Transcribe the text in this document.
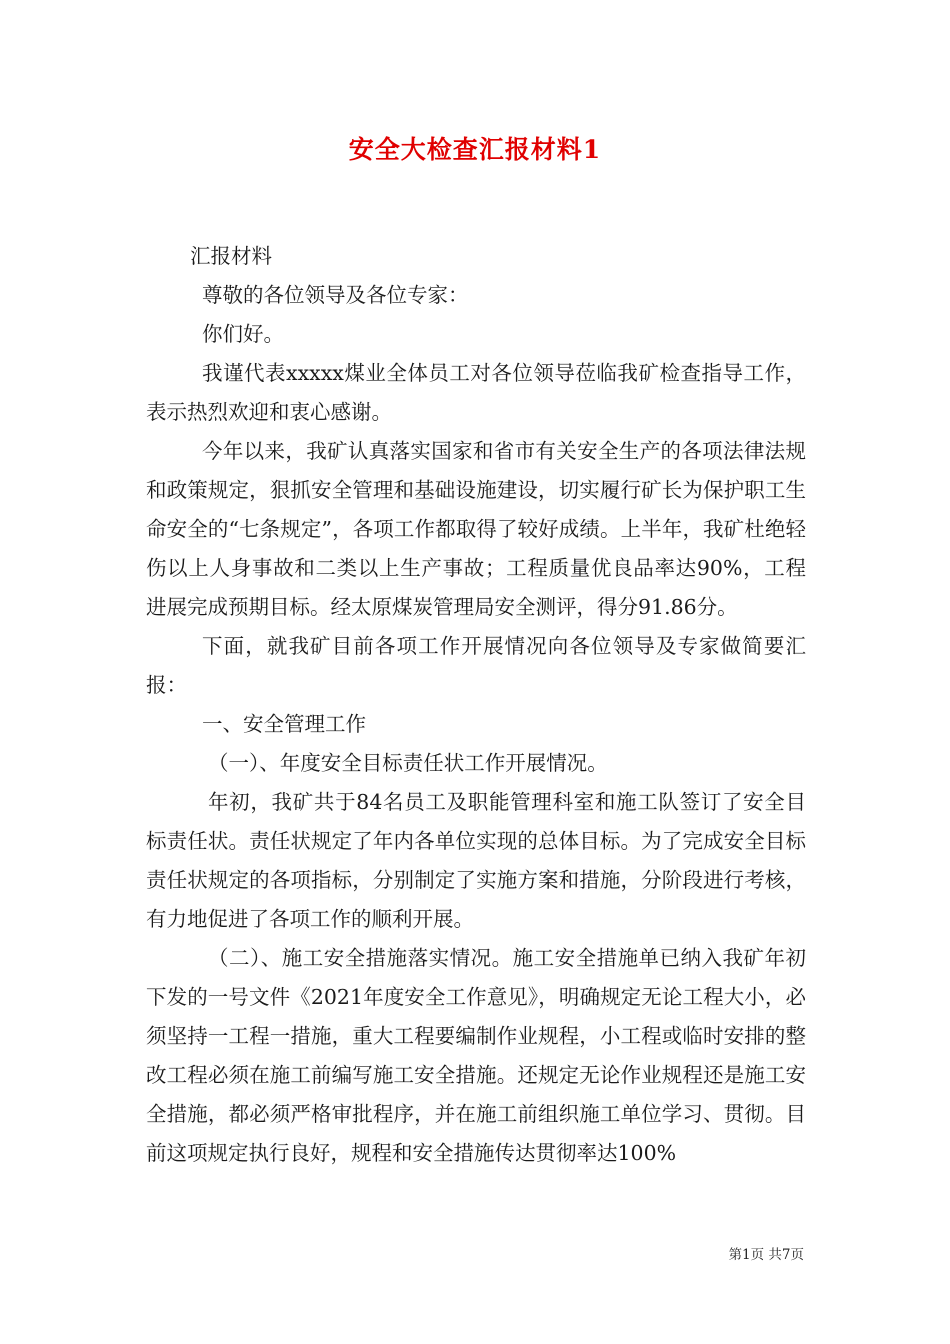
安全大检查汇报材料1

汇报材料

尊敬的各位领导及各位专家：

你们好。

我谨代表xxxxx煤业全体员工对各位领导莅临我矿检查指导工作，表示热烈欢迎和衷心感谢。

今年以来，我矿认真落实国家和省市有关安全生产的各项法律法规和政策规定，狠抓安全管理和基础设施建设，切实履行矿长为保护职工生命安全的“七条规定”，各项工作都取得了较好成绩。上半年，我矿杜绝轻伤以上人身事故和二类以上生产事故；工程质量优良品率达90%，工程进展完成预期目标。经太原煤炭管理局安全测评，得分91.86分。

下面，就我矿目前各项工作开展情况向各位领导及专家做简要汇报：

一、安全管理工作

（一）、年度安全目标责任状工作开展情况。

年初，我矿共于84名员工及职能管理科室和施工队签订了安全目标责任状。责任状规定了年内各单位实现的总体目标。为了完成安全目标责任状规定的各项指标，分别制定了实施方案和措施，分阶段进行考核，有力地促进了各项工作的顺利开展。

（二）、施工安全措施落实情况。施工安全措施单已纳入我矿年初下发的一号文件《2021年度安全工作意见》，明确规定无论工程大小，必须坚持一工程一措施，重大工程要编制作业规程，小工程或临时安排的整改工程必须在施工前编写施工安全措施。还规定无论作业规程还是施工安全措施，都必须严格审批程序，并在施工前组织施工单位学习、贯彻。目前这项规定执行良好，规程和安全措施传达贯彻率达100%

第1页 共7页
